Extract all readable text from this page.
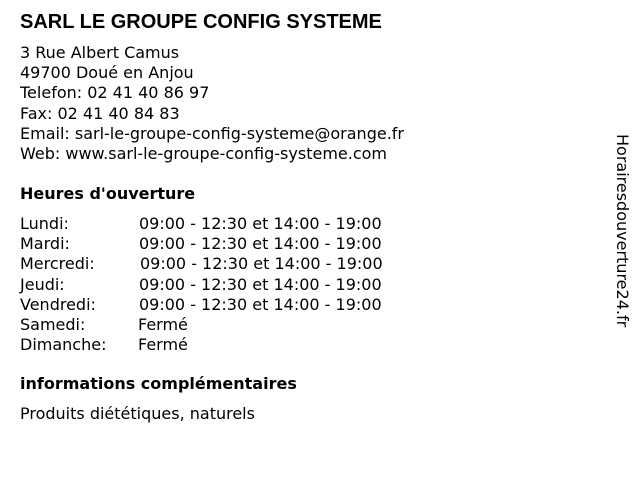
SARL LE GROUPE CONFIG SYSTEME
3 Rue Albert Camus
49700 Doué en Anjou
Telefon: 02 41 40 86 97
Fax: 02 41 40 84 83
Email: sarl-le-groupe-config-systeme@orange.fr
Web: www.sarl-le-groupe-config-systeme.com
Heures d'ouverture
Lundi:	09:00 - 12:30 et 14:00 - 19:00
Mardi:	09:00 - 12:30 et 14:00 - 19:00
Mercredi:	09:00 - 12:30 et 14:00 - 19:00
Jeudi:	09:00 - 12:30 et 14:00 - 19:00
Vendredi:	09:00 - 12:30 et 14:00 - 19:00
Samedi:	Fermé
Dimanche: Fermé
informations complémentaires
Produits diététiques, naturels
Horairesdouverture24.fr
